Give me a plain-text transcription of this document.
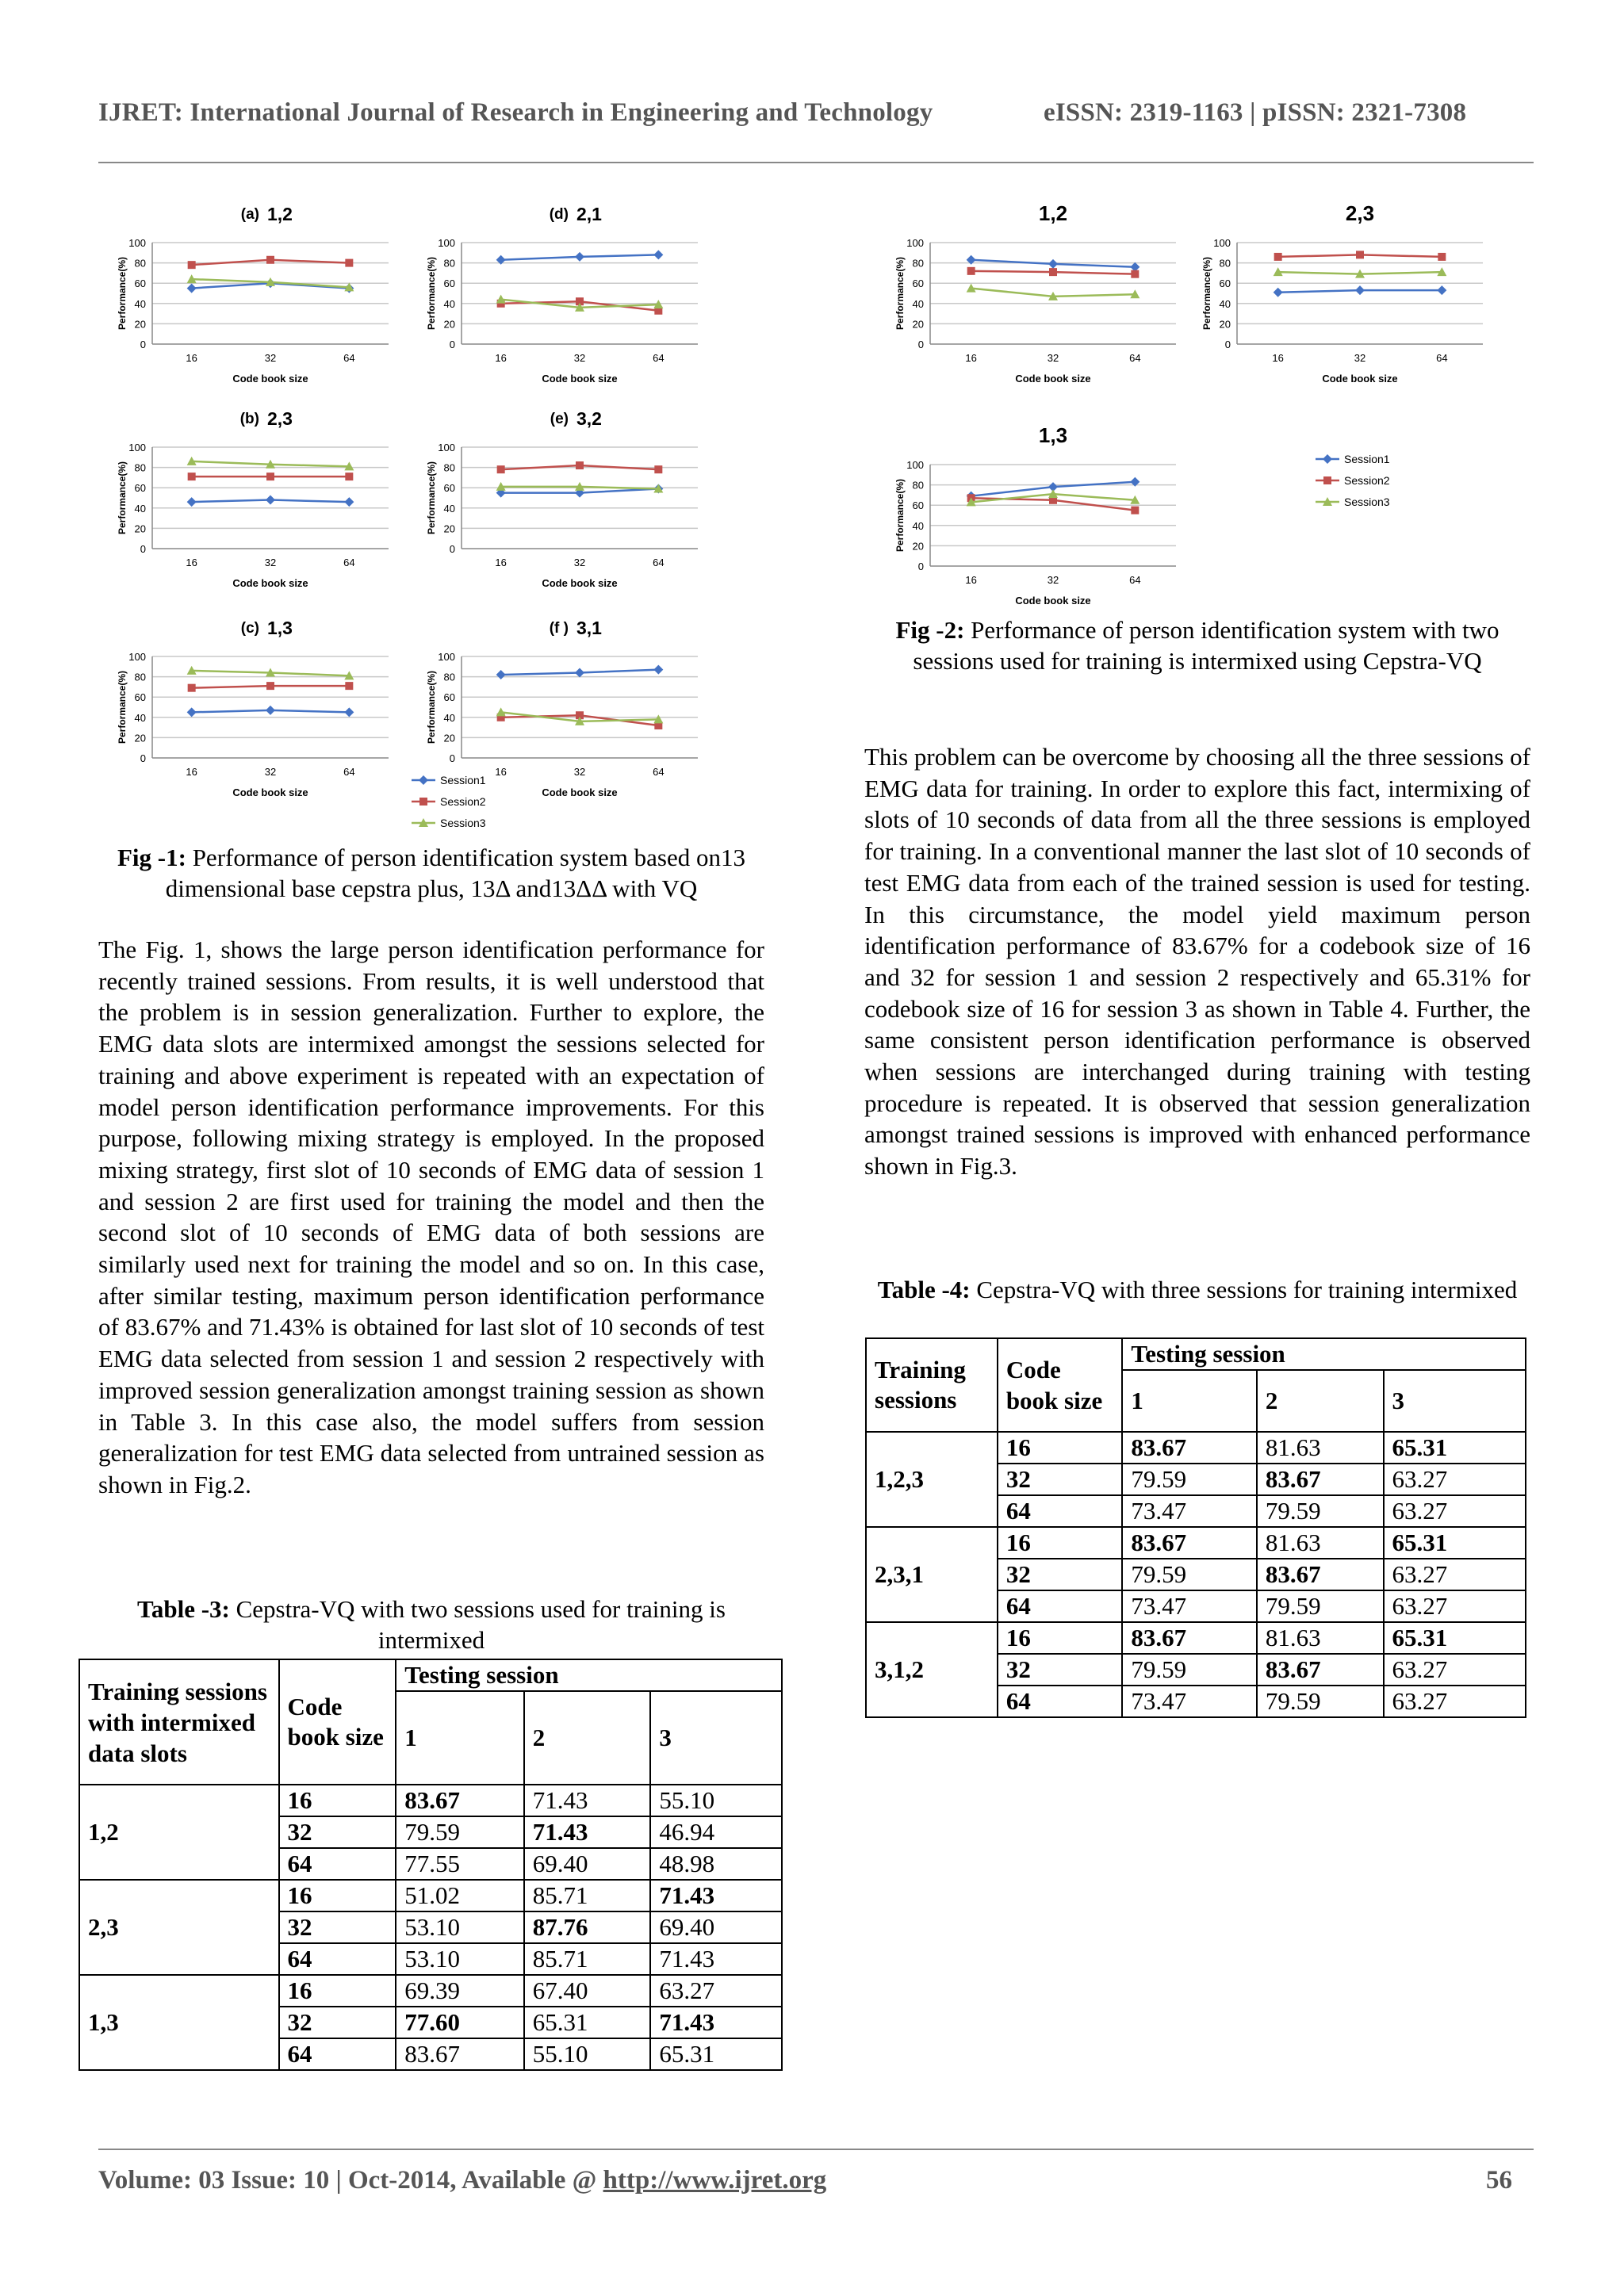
IJRET: International Journal of Research in Engineering and Technology	eISSN: 2319-1163 | pISSN: 2321-7308
(a) 1,2
0
20
40
60
80
100
16	32	64
Code book size
Performance(%)
(d) 2,1
0
20
40
60
80
100
16	32	64
Code book size
Performance(%)
(b) 2,3
0
20
40
60
80
100
16	32	64
Code book size
Performance(%)
(e) 3,2
0
20
40
60
80
100
16	32	64
Code book size
Performance(%)
(c) 1,3
0
20
40
60
80
100
16	32	64
Code book size
Performance(%)
(f ) 3,1
0
20
40
60
80
100
16	32	64
Code book size
Performance(%)
Session1
Session2
Session3
Fig -1: Performance of person identification system based on13 dimensional base cepstra plus, 13Δ and13ΔΔ with VQ
The Fig. 1, shows the large person identification performance for recently trained sessions. From results, it is well understood that the problem is in session generalization. Further to explore, the EMG data slots are intermixed amongst the sessions selected for training and above experiment is repeated with an expectation of model person identification performance improvements. For this purpose, following mixing strategy is employed. In the proposed mixing strategy, first slot of 10 seconds of EMG data of session 1 and session 2 are first used for training the model and then the second slot of 10 seconds of EMG data of both sessions are similarly used next for training the model and so on. In this case, after similar testing, maximum person identification performance of 83.67% and 71.43% is obtained for last slot of 10 seconds of test EMG data selected from session 1 and session 2 respectively with improved session generalization amongst training session as shown in Table 3. In this case also, the model suffers from session generalization for test EMG data selected from untrained session as shown in Fig.2.
Table -3: Cepstra-VQ with two sessions used for training is intermixed
Training sessions with intermixed data slots	Code book size	Testing session		
		1	2	3
1,2	16	83.67	71.43	55.10
	32	79.59	71.43	46.94
	64	77.55	69.40	48.98
2,3	16	51.02	85.71	71.43
	32	53.10	87.76	69.40
	64	53.10	85.71	71.43
1,3	16	69.39	67.40	63.27
	32	77.60	65.31	71.43
	64	83.67	55.10	65.31
1,2
0
20
40
60
80
100
16	32	64
Code book size
Performance(%)
2,3
0
20
40
60
80
100
16	32	64
Code book size
Performance(%)
1,3
0
20
40
60
80
100
16	32	64
Code book size
Performance(%)
Session1
Session2
Session3
Fig -2: Performance of person identification system with two sessions used for training is intermixed using Cepstra-VQ
This problem can be overcome by choosing all the three sessions of EMG data for training. In order to explore this fact, intermixing of slots of 10 seconds of data from all the three sessions is employed for training. In a conventional manner the last slot of 10 seconds of test EMG data from each of the trained session is used for testing. In this circumstance, the model yield maximum person identification performance of 83.67% for a codebook size of 16 and 32 for session 1 and session 2 respectively and 65.31% for codebook size of 16 for session 3 as shown in Table 4. Further, the same consistent person identification performance is observed when sessions are interchanged during training with testing procedure is repeated. It is observed that session generalization amongst trained sessions is improved with enhanced performance shown in Fig.3.
Table -4: Cepstra-VQ with three sessions for training intermixed
Training sessions	Code book size	Testing session		
		1	2	3
1,2,3	16	83.67	81.63	65.31
	32	79.59	83.67	63.27
	64	73.47	79.59	63.27
2,3,1	16	83.67	81.63	65.31
	32	79.59	83.67	63.27
	64	73.47	79.59	63.27
3,1,2	16	83.67	81.63	65.31
	32	79.59	83.67	63.27
	64	73.47	79.59	63.27
Volume: 03 Issue: 10 | Oct-2014, Available @ http://www.ijret.org	56
